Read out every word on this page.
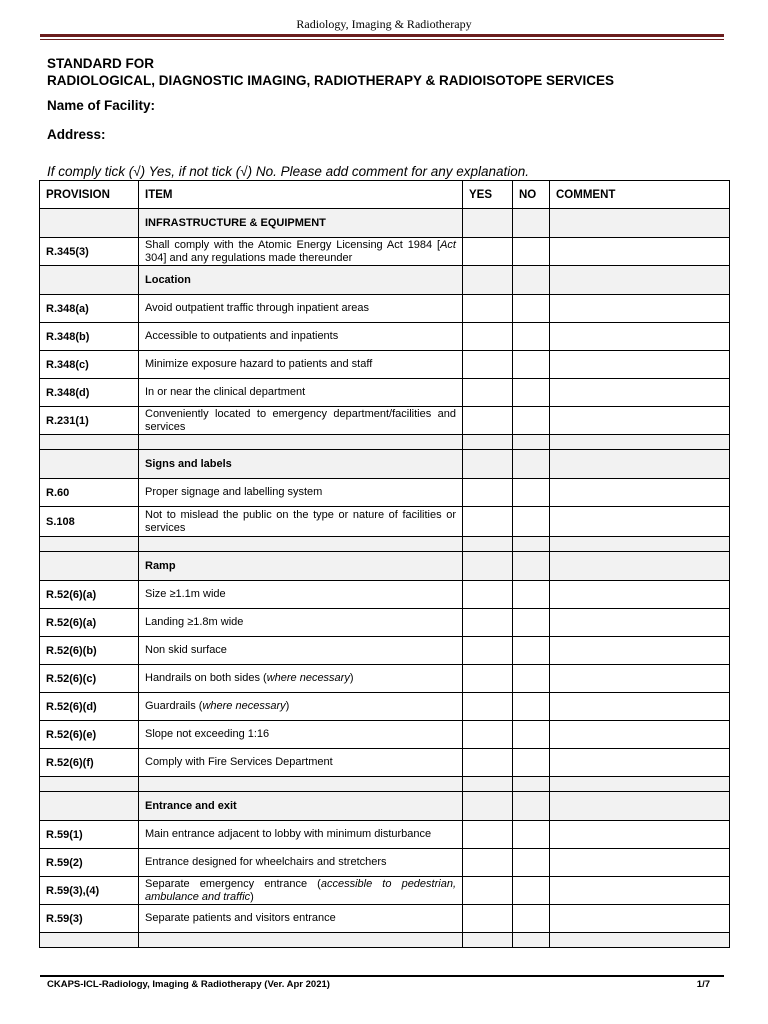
Radiology, Imaging & Radiotherapy
STANDARD FOR
RADIOLOGICAL, DIAGNOSTIC IMAGING, RADIOTHERAPY & RADIOISOTOPE SERVICES
Name of Facility:
Address:
If comply tick (√) Yes, if not tick (√) No. Please add comment for any explanation.
PROVISION	ITEM	YES	NO	COMMENT
	INFRASTRUCTURE & EQUIPMENT			
R.345(3)	Shall comply with the Atomic Energy Licensing Act 1984 [Act 304] and any regulations made thereunder			
	Location			
R.348(a)	Avoid outpatient traffic through inpatient areas			
R.348(b)	Accessible to outpatients and inpatients			
R.348(c)	Minimize exposure hazard to patients and staff			
R.348(d)	In or near the clinical department			
R.231(1)	Conveniently located to emergency department/facilities and services			

	Signs and labels			
R.60	Proper signage and labelling system			
S.108	Not to mislead the public on the type or nature of facilities or services			

	Ramp			
R.52(6)(a)	Size ≥1.1m wide			
R.52(6)(a)	Landing ≥1.8m wide			
R.52(6)(b)	Non skid surface			
R.52(6)(c)	Handrails on both sides (where necessary)			
R.52(6)(d)	Guardrails (where necessary)			
R.52(6)(e)	Slope not exceeding 1:16			
R.52(6)(f)	Comply with Fire Services Department			

	Entrance and exit			
R.59(1)	Main entrance adjacent to lobby with minimum disturbance			
R.59(2)	Entrance designed for wheelchairs and stretchers			
R.59(3),(4)	Separate emergency entrance (accessible to pedestrian, ambulance and traffic)			
R.59(3)	Separate patients and visitors entrance			

CKAPS-ICL-Radiology, Imaging & Radiotherapy (Ver. Apr 2021)	1/7
